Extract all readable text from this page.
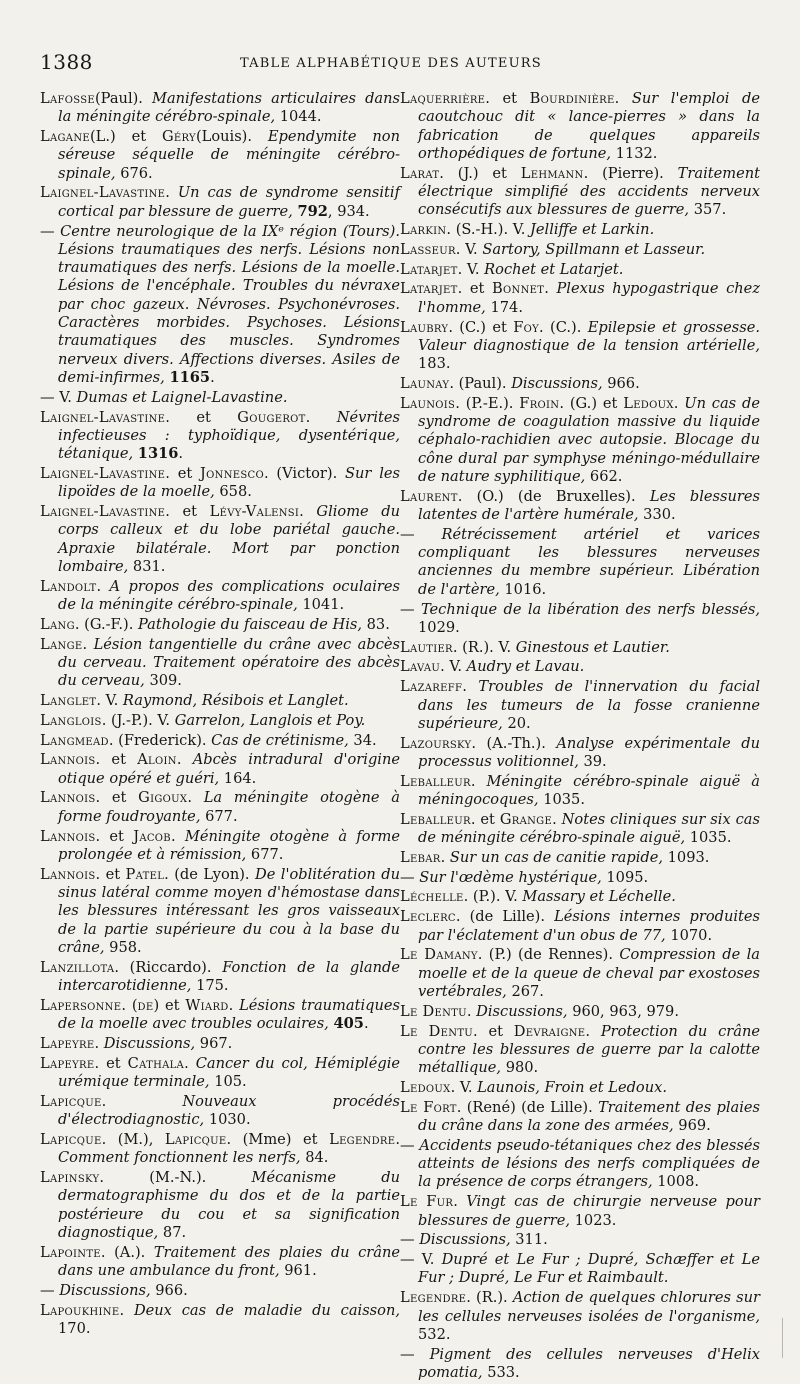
1388	TABLE ALPHABÉTIQUE DES AUTEURS

Lafosse(Paul). Manifestations articulaires dans la méningite cérébro-spinale, 1044.

Lagane(L.) et Géry(Louis). Ependymite non séreuse séquelle de méningite cérébro-spinale, 676.

Laignel-Lavastine. Un cas de syndrome sensitif cortical par blessure de guerre, 792, 934.

— Centre neurologique de la IXᵉ région (Tours). Lésions traumatiques des nerfs. Lésions non traumatiques des nerfs. Lésions de la moelle. Lésions de l'encéphale. Troubles du névraxe par choc gazeux. Névroses. Psychonévroses. Caractères morbides. Psychoses. Lésions traumatiques des muscles. Syndromes nerveux divers. Affections diverses. Asiles de demi-infirmes, 1165.

— V. Dumas et Laignel-Lavastine.

Laignel-Lavastine. et Gougerot. Névrites infectieuses : typhoïdique, dysentérique, tétanique, 1316.

Laignel-Lavastine. et Jonnesco. (Victor). Sur les lipoïdes de la moelle, 658.

Laignel-Lavastine. et Lévy-Valensi. Gliome du corps calleux et du lobe pariétal gauche. Apraxie bilatérale. Mort par ponction lombaire, 831.

Landolt. A propos des complications oculaires de la méningite cérébro-spinale, 1041.

Lang. (G.-F.). Pathologie du faisceau de His, 83.

Lange. Lésion tangentielle du crâne avec abcès du cerveau. Traitement opératoire des abcès du cerveau, 309.

Langlet. V. Raymond, Résibois et Langlet.

Langlois. (J.-P.). V. Garrelon, Langlois et Poy.

Langmead. (Frederick). Cas de crétinisme, 34.

Lannois. et Aloin. Abcès intradural d'origine otique opéré et guéri, 164.

Lannois. et Gigoux. La méningite otogène à forme foudroyante, 677.

Lannois. et Jacob. Méningite otogène à forme prolongée et à rémission, 677.

Lannois. et Patel. (de Lyon). De l'oblitération du sinus latéral comme moyen d'hémostase dans les blessures intéressant les gros vaisseaux de la partie supérieure du cou à la base du crâne, 958.

Lanzillota. (Riccardo). Fonction de la glande intercarotidienne, 175.

Lapersonne. (de) et Wiard. Lésions traumatiques de la moelle avec troubles oculaires, 405.

Lapeyre. Discussions, 967.

Lapeyre. et Cathala. Cancer du col, Hémiplégie urémique terminale, 105.

Lapicque. Nouveaux procédés d'électrodiagnostic, 1030.

Lapicque. (M.), Lapicque. (Mme) et Legendre. Comment fonctionnent les nerfs, 84.

Lapinsky. (M.-N.). Mécanisme du dermatographisme du dos et de la partie postérieure du cou et sa signification diagnostique, 87.

Lapointe. (A.). Traitement des plaies du crâne dans une ambulance du front, 961.

— Discussions, 966.

Lapoukhine. Deux cas de maladie du caisson, 170.

Laquerrière. et Bourdinière. Sur l'emploi de caoutchouc dit « lance-pierres » dans la fabrication de quelques appareils orthopédiques de fortune, 1132.

Larat. (J.) et Lehmann. (Pierre). Traitement électrique simplifié des accidents nerveux consécutifs aux blessures de guerre, 357.

Larkin. (S.-H.). V. Jelliffe et Larkin.

Lasseur. V. Sartory, Spillmann et Lasseur.

Latarjet. V. Rochet et Latarjet.

Latarjet. et Bonnet. Plexus hypogastrique chez l'homme, 174.

Laubry. (C.) et Foy. (C.). Epilepsie et grossesse. Valeur diagnostique de la tension artérielle, 183.

Launay. (Paul). Discussions, 966.

Launois. (P.-E.). Froin. (G.) et Ledoux. Un cas de syndrome de coagulation massive du liquide céphalo-rachidien avec autopsie. Blocage du cône dural par symphyse méningo-médullaire de nature syphilitique, 662.

Laurent. (O.) (de Bruxelles). Les blessures latentes de l'artère humérale, 330.

— Rétrécissement artériel et varices compliquant les blessures nerveuses anciennes du membre supérieur. Libération de l'artère, 1016.

— Technique de la libération des nerfs blessés, 1029.

Lautier. (R.). V. Ginestous et Lautier.

Lavau. V. Audry et Lavau.

Lazareff. Troubles de l'innervation du facial dans les tumeurs de la fosse cranienne supérieure, 20.

Lazoursky. (A.-Th.). Analyse expérimentale du processus volitionnel, 39.

Leballeur. Méningite cérébro-spinale aiguë à méningocoques, 1035.

Leballeur. et Grange. Notes cliniques sur six cas de méningite cérébro-spinale aiguë, 1035.

Lebar. Sur un cas de canitie rapide, 1093.

— Sur l'œdème hystérique, 1095.

Léchelle. (P.). V. Massary et Léchelle.

Leclerc. (de Lille). Lésions internes produites par l'éclatement d'un obus de 77, 1070.

Le Damany. (P.) (de Rennes). Compression de la moelle et de la queue de cheval par exostoses vertébrales, 267.

Le Dentu. Discussions, 960, 963, 979.

Le Dentu. et Devraigne. Protection du crâne contre les blessures de guerre par la calotte métallique, 980.

Ledoux. V. Launois, Froin et Ledoux.

Le Fort. (René) (de Lille). Traitement des plaies du crâne dans la zone des armées, 969.

— Accidents pseudo-tétaniques chez des blessés atteints de lésions des nerfs compliquées de la présence de corps étrangers, 1008.

Le Fur. Vingt cas de chirurgie nerveuse pour blessures de guerre, 1023.

— Discussions, 311.

— V. Dupré et Le Fur ; Dupré, Schæffer et Le Fur ; Dupré, Le Fur et Raimbault.

Legendre. (R.). Action de quelques chlorures sur les cellules nerveuses isolées de l'organisme, 532.

— Pigment des cellules nerveuses d'Helix pomatia, 533.
